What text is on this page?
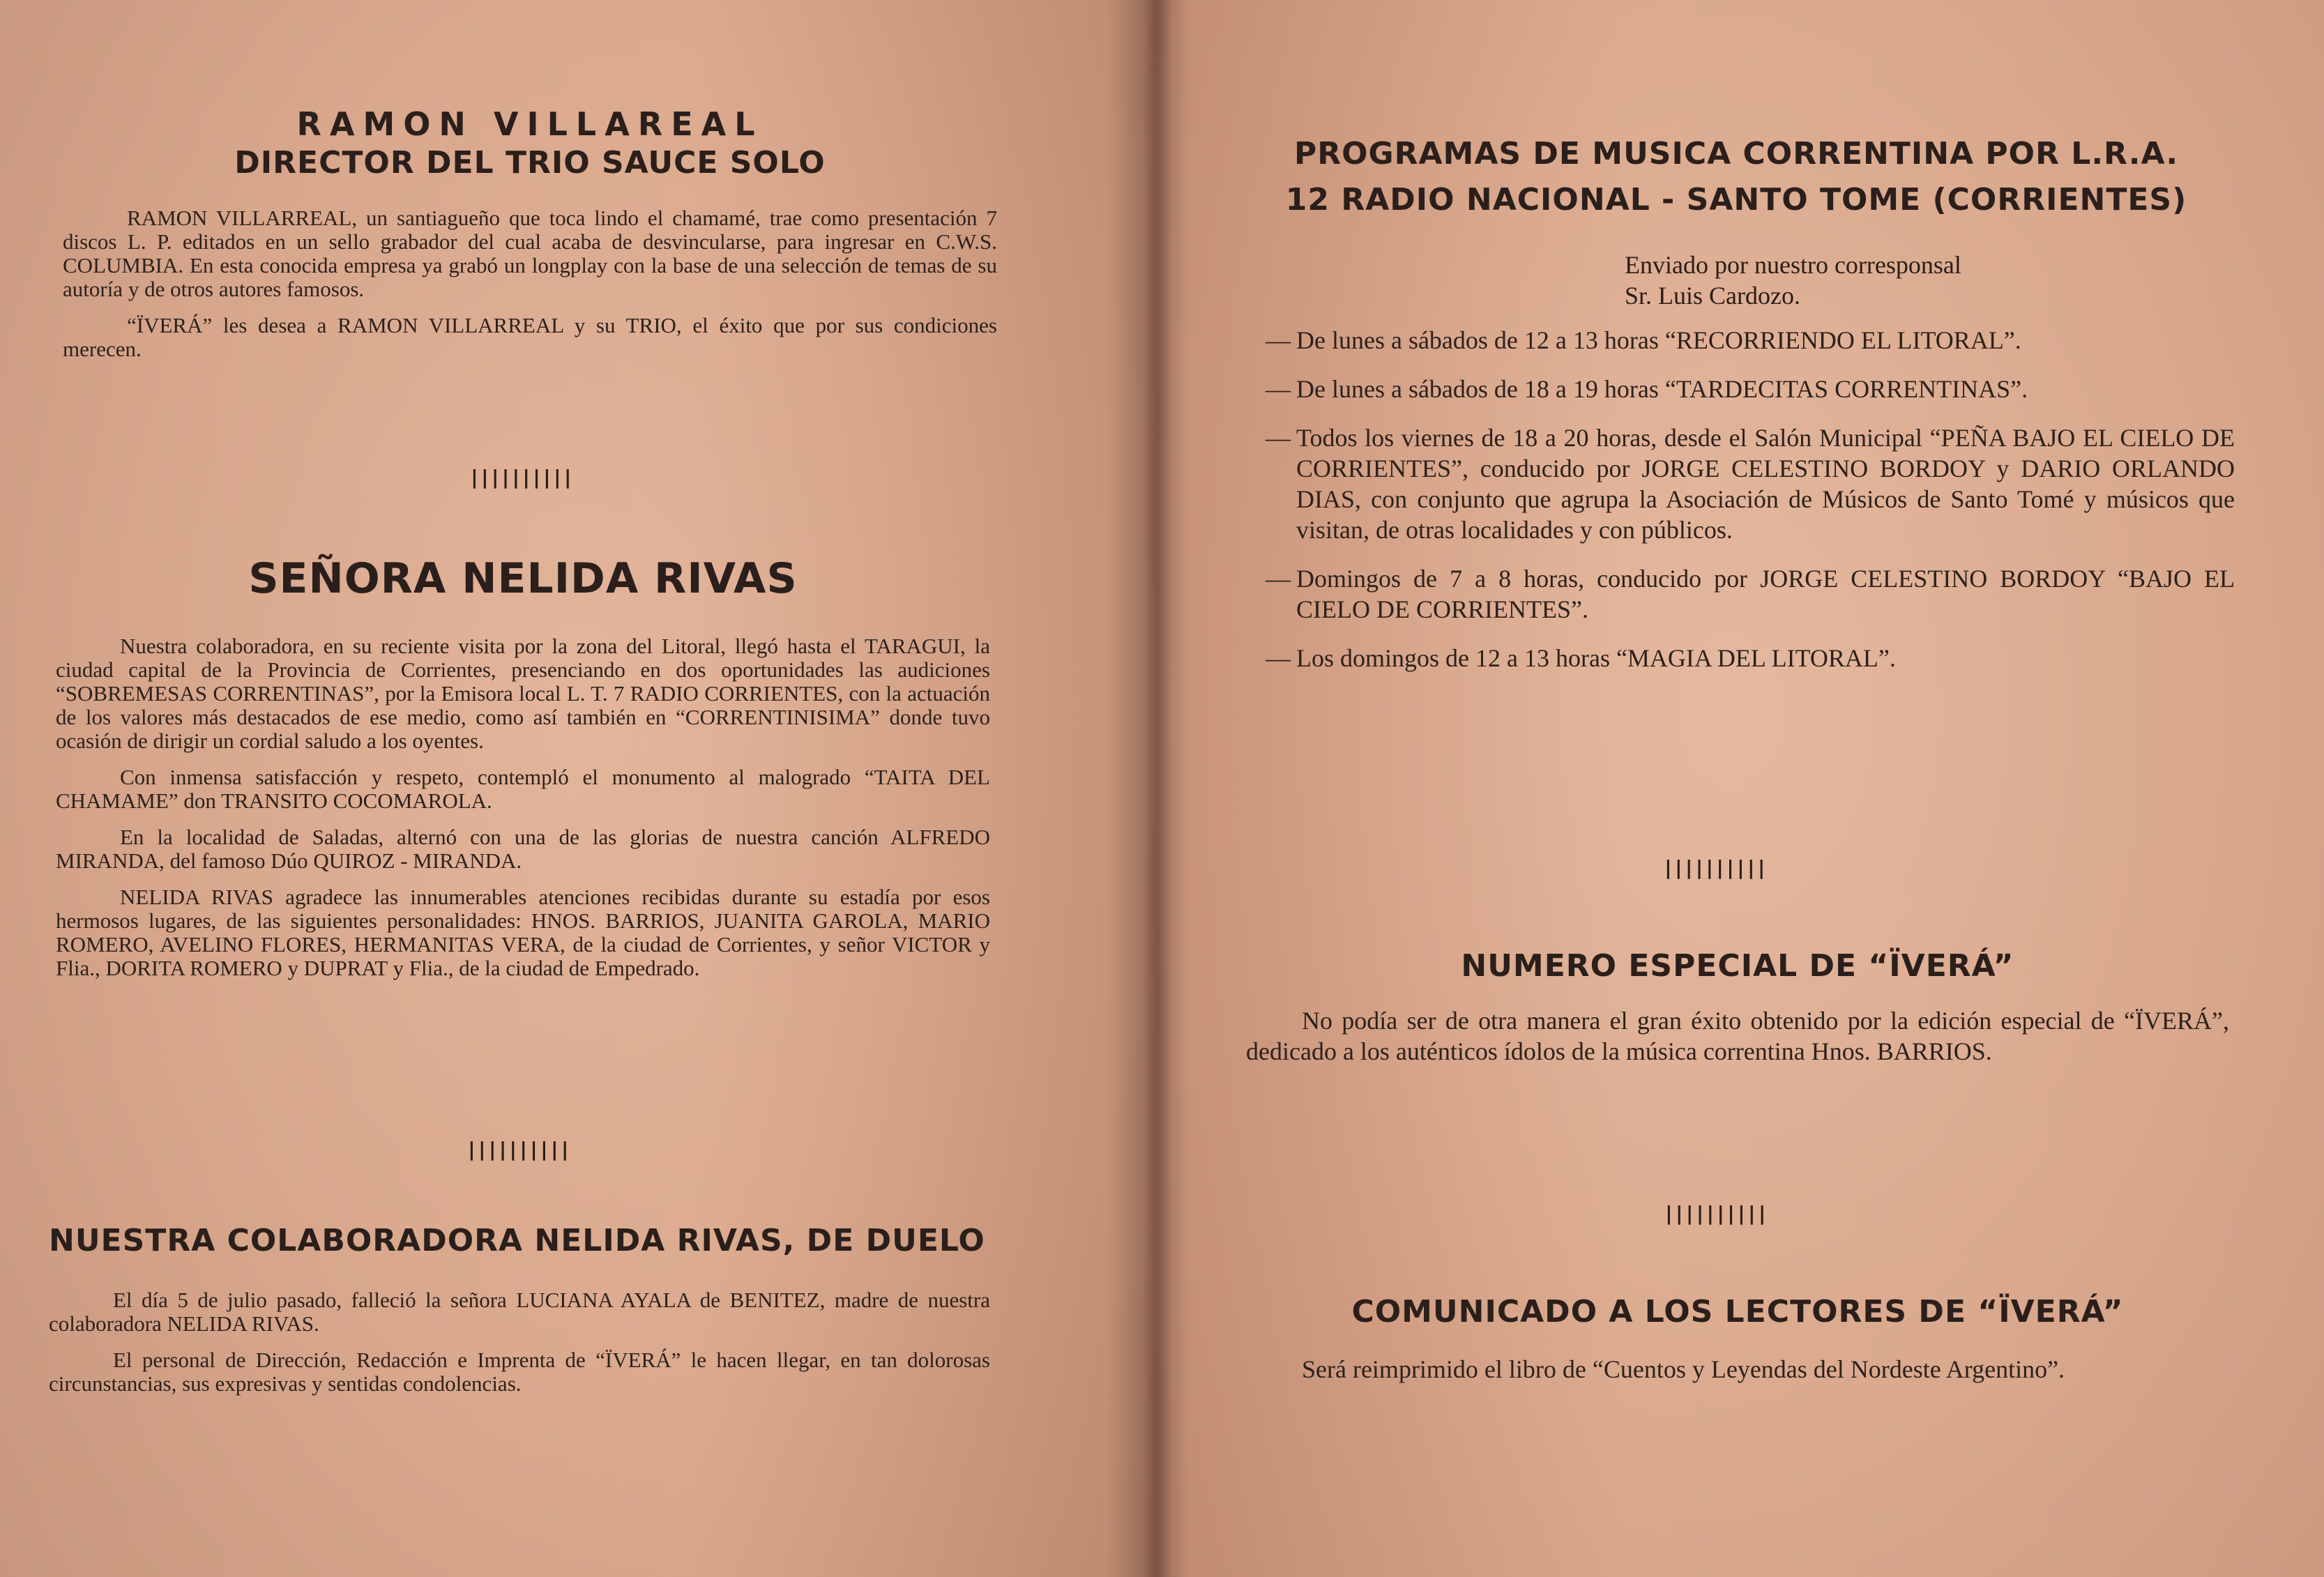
RAMON VILLAREAL
DIRECTOR DEL TRIO SAUCE SOLO

RAMON VILLARREAL, un santiagueño que toca lindo el chamamé, trae como presentación 7 discos L. P. editados en un sello grabador del cual acaba de desvincularse, para ingresar en C.W.S. COLUMBIA. En esta conocida empresa ya grabó un longplay con la base de una selección de temas de su autoría y de otros autores famosos.

“ÏVERÁ” les desea a RAMON VILLARREAL y su TRIO, el éxito que por sus condiciones merecen.

||||||||||
SEÑORA NELIDA RIVAS

Nuestra colaboradora, en su reciente visita por la zona del Litoral, llegó hasta el TARAGUI, la ciudad capital de la Provincia de Corrientes, presenciando en dos oportunidades las audiciones “SOBREMESAS CORRENTINAS”, por la Emisora local L. T. 7 RADIO CORRIENTES, con la actuación de los valores más destacados de ese medio, como así también en “CORRENTINISIMA” donde tuvo ocasión de dirigir un cordial saludo a los oyentes.

Con inmensa satisfacción y respeto, contempló el monumento al malogrado “TAITA DEL CHAMAME” don TRANSITO COCOMAROLA.

En la localidad de Saladas, alternó con una de las glorias de nuestra canción ALFREDO MIRANDA, del famoso Dúo QUIROZ - MIRANDA.

NELIDA RIVAS agradece las innumerables atenciones recibidas durante su estadía por esos hermosos lugares, de las siguientes personalidades: HNOS. BARRIOS, JUANITA GAROLA, MARIO ROMERO, AVELINO FLORES, HERMANITAS VERA, de la ciudad de Corrientes, y señor VICTOR y Flia., DORITA ROMERO y DUPRAT y Flia., de la ciudad de Empedrado.

||||||||||
NUESTRA COLABORADORA NELIDA RIVAS, DE DUELO

El día 5 de julio pasado, falleció la señora LUCIANA AYALA de BENITEZ, madre de nuestra colaboradora NELIDA RIVAS.

El personal de Dirección, Redacción e Imprenta de “ÏVERÁ” le hacen llegar, en tan dolorosas circunstancias, sus expresivas y sentidas condolencias.

PROGRAMAS DE MUSICA CORRENTINA POR L.R.A.
12 RADIO NACIONAL - SANTO TOME (CORRIENTES)
Enviado por nuestro corresponsal
Sr. Luis Cardozo.
— De lunes a sábados de 12 a 13 horas “RECORRIENDO EL LITORAL”.
— De lunes a sábados de 18 a 19 horas “TARDECITAS CORRENTINAS”.
— Todos los viernes de 18 a 20 horas, desde el Salón Municipal “PEÑA BAJO EL CIELO DE CORRIENTES”, conducido por JORGE CELESTINO BORDOY y DARIO ORLANDO DIAS, con conjunto que agrupa la Asociación de Músicos de Santo Tomé y músicos que visitan, de otras localidades y con públicos.
— Domingos de 7 a 8 horas, conducido por JORGE CELESTINO BORDOY “BAJO EL CIELO DE CORRIENTES”.
— Los domingos de 12 a 13 horas “MAGIA DEL LITORAL”.
||||||||||
NUMERO ESPECIAL DE “ÏVERÁ”

No podía ser de otra manera el gran éxito obtenido por la edición especial de “ÏVERÁ”, dedicado a los auténticos ídolos de la música correntina Hnos. BARRIOS.

||||||||||
COMUNICADO A LOS LECTORES DE “ÏVERÁ”

Será reimprimido el libro de “Cuentos y Leyendas del Nordeste Argentino”.
